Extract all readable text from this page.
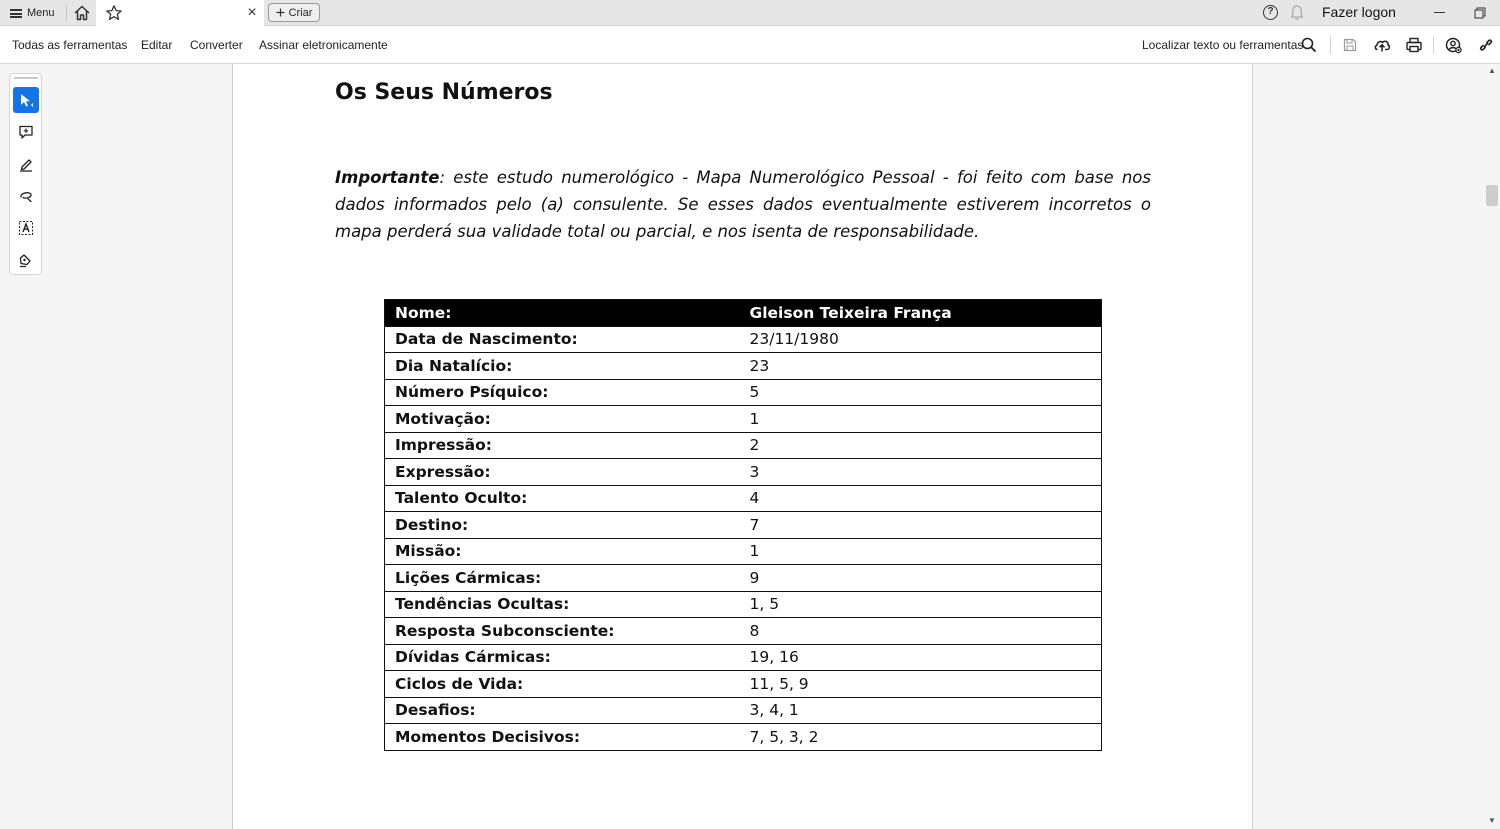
Menu	×	Criar	?	Fazer logon
Todas as ferramentas Editar Converter Assinar eletronicamente	Localizar texto ou ferramentas
Os Seus Números
Importante: este estudo numerológico - Mapa Numerológico Pessoal - foi feito com base nos dados informados pelo (a) consulente. Se esses dados eventualmente estiverem incorretos o mapa perderá sua validade total ou parcial, e nos isenta de responsabilidade.
Nome:	Gleison Teixeira França
Data de Nascimento:	23/11/1980
Dia Natalício:	23
Número Psíquico:	5
Motivação:	1
Impressão:	2
Expressão:	3
Talento Oculto:	4
Destino:	7
Missão:	1
Lições Cármicas:	9
Tendências Ocultas:	1, 5
Resposta Subconsciente:	8
Dívidas Cármicas:	19, 16
Ciclos de Vida:	11, 5, 9
Desafios:	3, 4, 1
Momentos Decisivos:	7, 5, 3, 2
▲
▼
